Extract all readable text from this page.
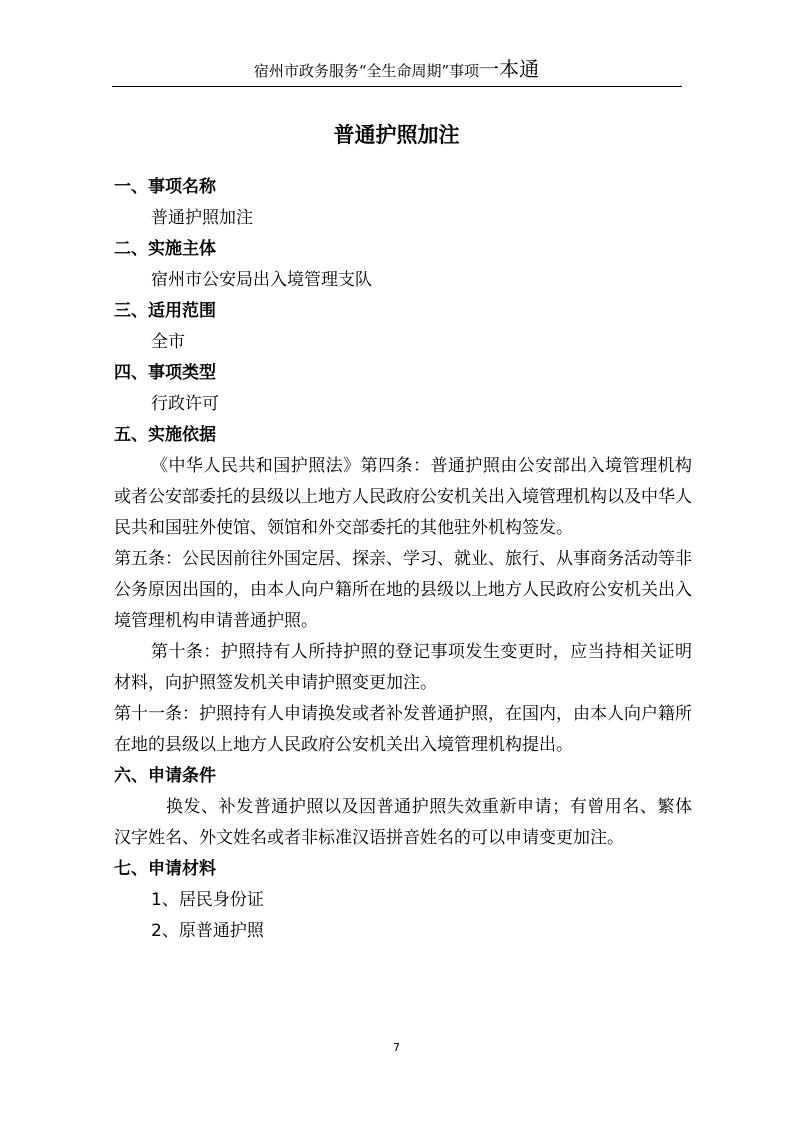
宿州市政务服务“全生命周期”事项一本通
普通护照加注

一、事项名称

普通护照加注

二、实施主体

宿州市公安局出入境管理支队

三、适用范围

全市

四、事项类型

行政许可

五、实施依据

《中华人民共和国护照法》第四条：普通护照由公安部出入境管理机构或者公安部委托的县级以上地方人民政府公安机关出入境管理机构以及中华人民共和国驻外使馆、领馆和外交部委托的其他驻外机构签发。

第五条：公民因前往外国定居、探亲、学习、就业、旅行、从事商务活动等非公务原因出国的，由本人向户籍所在地的县级以上地方人民政府公安机关出入境管理机构申请普通护照。

第十条：护照持有人所持护照的登记事项发生变更时，应当持相关证明材料，向护照签发机关申请护照变更加注。

第十一条：护照持有人申请换发或者补发普通护照，在国内，由本人向户籍所在地的县级以上地方人民政府公安机关出入境管理机构提出。

六、申请条件

换发、补发普通护照以及因普通护照失效重新申请；有曾用名、繁体汉字姓名、外文姓名或者非标准汉语拼音姓名的可以申请变更加注。

七、申请材料

1、居民身份证

2、原普通护照

7
